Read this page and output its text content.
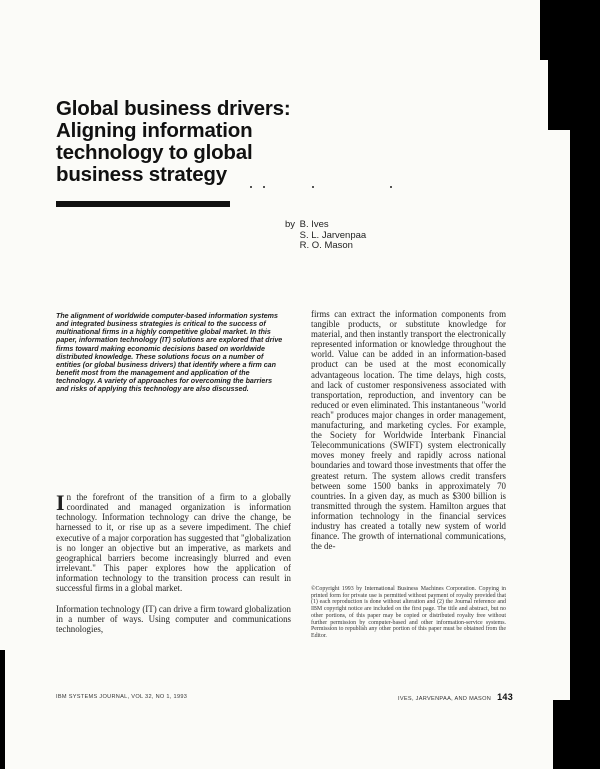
Global business drivers: Aligning information technology to global business strategy
by B. Ives
S. L. Jarvenpaa
R. O. Mason
The alignment of worldwide computer-based information systems and integrated business strategies is critical to the success of multinational firms in a highly competitive global market. In this paper, information technology (IT) solutions are explored that drive firms toward making economic decisions based on worldwide distributed knowledge. These solutions focus on a number of entities (or global business drivers) that identify where a firm can benefit most from the management and application of the technology. A variety of approaches for overcoming the barriers and risks of applying this technology are also discussed.

In the forefront of the transition of a firm to a globally coordinated and managed organization is information technology. Information technology can drive the change, be harnessed to it, or rise up as a severe impediment. The chief executive of a major corporation has suggested that "globalization is no longer an objective but an imperative, as markets and geographical barriers become increasingly blurred and even irrelevant." This paper explores how the application of information technology to the transition process can result in successful firms in a global market.

Information technology (IT) can drive a firm toward globalization in a number of ways. Using computer and communications technologies,

firms can extract the information components from tangible products, or substitute knowledge for material, and then instantly transport the electronically represented information or knowledge throughout the world. Value can be added in an information-based product can be used at the most economically advantageous location. The time delays, high costs, and lack of customer responsiveness associated with transportation, reproduction, and inventory can be reduced or even eliminated. This instantaneous "world reach" produces major changes in order management, manufacturing, and marketing cycles. For example, the Society for Worldwide Interbank Financial Telecommunications (SWIFT) system electronically moves money freely and rapidly across national boundaries and toward those investments that offer the greatest return. The system allows credit transfers between some 1500 banks in approximately 70 countries. In a given day, as much as $300 billion is transmitted through the system. Hamilton argues that information technology in the financial services industry has created a totally new system of world finance. The growth of international communications, the de-

©Copyright 1993 by International Business Machines Corporation. Copying in printed form for private use is permitted without payment of royalty provided that (1) each reproduction is done without alteration and (2) the Journal reference and IBM copyright notice are included on the first page. The title and abstract, but no other portions, of this paper may be copied or distributed royalty free without further permission by computer-based and other information-service systems. Permission to republish any other portion of this paper must be obtained from the Editor.
IBM SYSTEMS JOURNAL, VOL 32, NO 1, 1993	IVES, JARVENPAA, AND MASON 143
